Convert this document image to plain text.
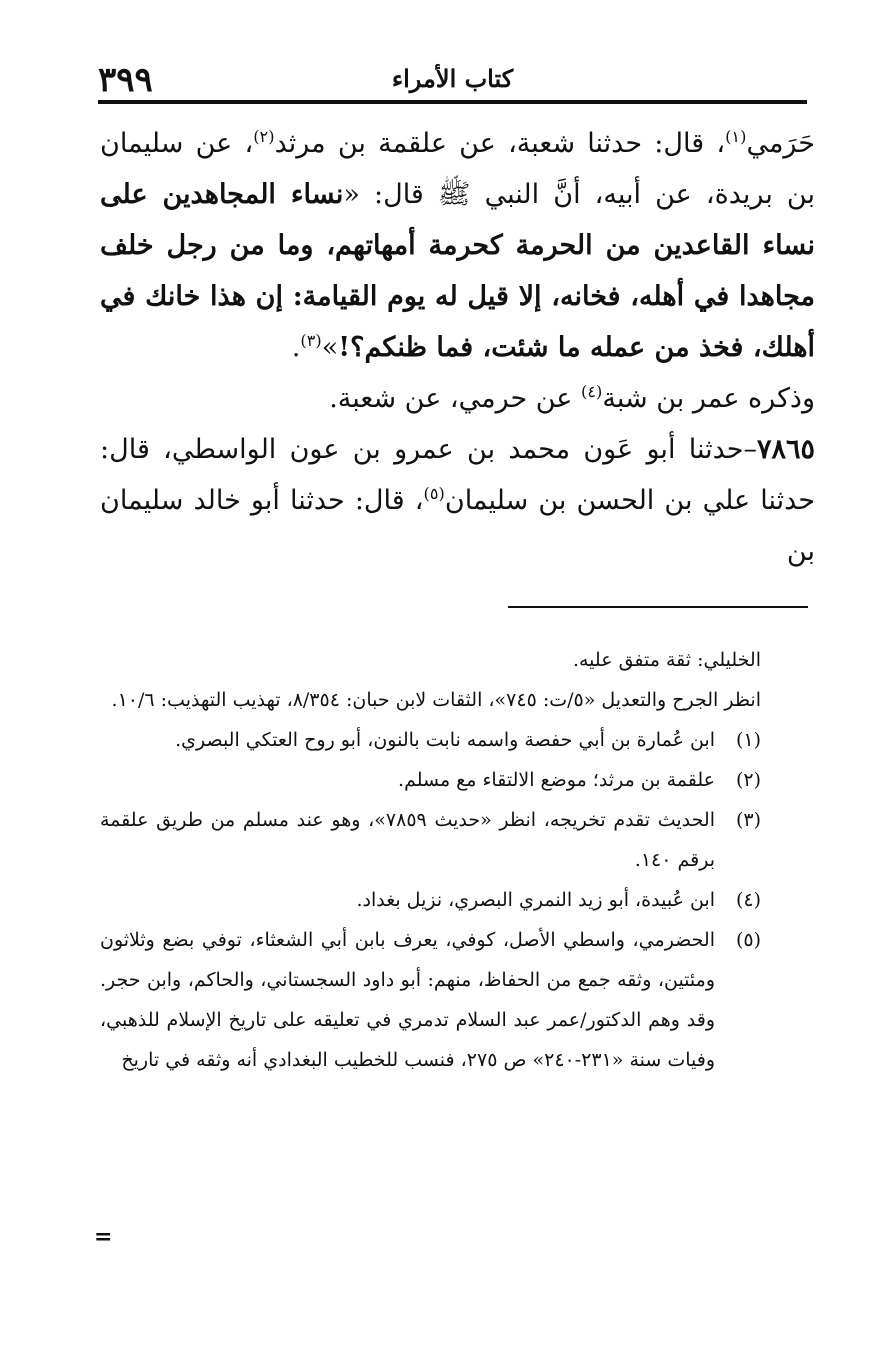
٣٩٩	كتاب الأمراء

حَرَمي$^{(١)}$، قال: حدثنا شعبة، عن علقمة بن مرثد$^{(٢)}$، عن سليمان بن بريدة، عن أبيه، أنَّ النبي ﷺ قال: «نساء المجاهدين على نساء القاعدين من الحرمة كحرمة أمهاتهم، وما من رجل خلف مجاهدا في أهله، فخانه، إلا قيل له يوم القيامة: إن هذا خانك في أهلك، فخذ من عمله ما شئت، فما ظنكم؟!»$^{(٣)}$.

وذكره عمر بن شبة$^{(٤)}$ عن حرمي، عن شعبة.

٧٨٦٥–حدثنا أبو عَون محمد بن عمرو بن عون الواسطي، قال: حدثنا علي بن الحسن بن سليمان$^{(٥)}$، قال: حدثنا أبو خالد سليمان بن

الخليلي: ثقة متفق عليه.

انظر الجرح والتعديل «٥/ت: ٧٤٥»، الثقات لابن حبان: ٨/٣٥٤، تهذيب التهذيب: ١٠/٦.

(١)
ابن عُمارة بن أبي حفصة واسمه نابت بالنون، أبو روح العتكي البصري.
(٢)
علقمة بن مرثد؛ موضع الالتقاء مع مسلم.
(٣)
الحديث تقدم تخريجه، انظر «حديث ٧٨٥٩»، وهو عند مسلم من طريق علقمة برقم ١٤٠.
(٤)
ابن عُبيدة، أبو زيد النمري البصري، نزيل بغداد.
(٥)
الحضرمي، واسطي الأصل، كوفي، يعرف بابن أبي الشعثاء، توفي بضع وثلاثون ومئتين، وثقه جمع من الحفاظ، منهم: أبو داود السجستاني، والحاكم، وابن حجر. وقد وهم الدكتور/عمر عبد السلام تدمري في تعليقه على تاريخ الإسلام للذهبي، وفيات سنة «٢٣١-٢٤٠» ص ٢٧٥، فنسب للخطيب البغدادي أنه وثقه في تاريخ
=
